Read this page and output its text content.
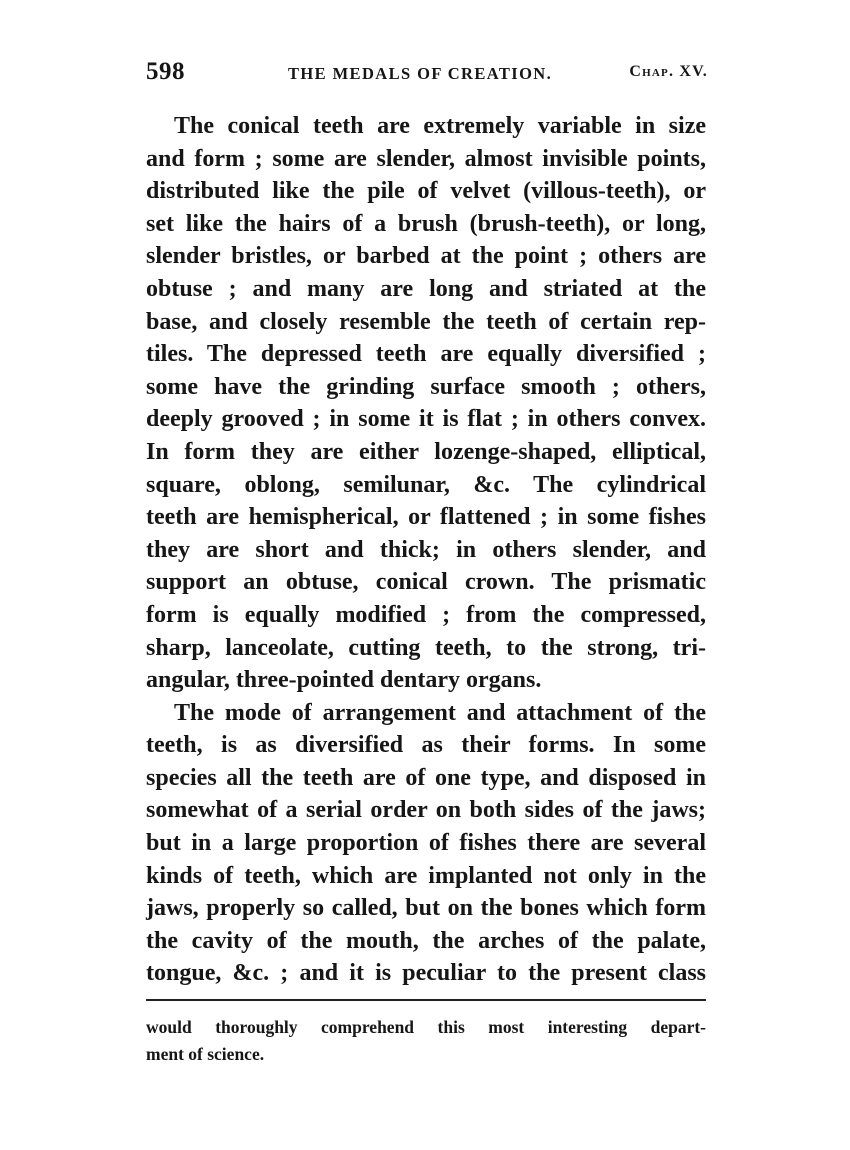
598	THE MEDALS OF CREATION.	Chap. XV.

The conical teeth are extremely variable in size
and form ; some are slender, almost invisible points,
distributed like the pile of velvet (villous-teeth), or
set like the hairs of a brush (brush-teeth), or long,
slender bristles, or barbed at the point ; others are
obtuse ; and many are long and striated at the
base, and closely resemble the teeth of certain rep-
tiles. The depressed teeth are equally diversified ;
some have the grinding surface smooth ; others,
deeply grooved ; in some it is flat ; in others convex.
In form they are either lozenge-shaped, elliptical,
square, oblong, semilunar, &c. The cylindrical
teeth are hemispherical, or flattened ; in some fishes
they are short and thick; in others slender, and
support an obtuse, conical crown. The prismatic
form is equally modified ; from the compressed,
sharp, lanceolate, cutting teeth, to the strong, tri-
angular, three-pointed dentary organs.

The mode of arrangement and attachment of the
teeth, is as diversified as their forms. In some
species all the teeth are of one type, and disposed in
somewhat of a serial order on both sides of the jaws;
but in a large proportion of fishes there are several
kinds of teeth, which are implanted not only in the
jaws, properly so called, but on the bones which form
the cavity of the mouth, the arches of the palate,
tongue, &c. ; and it is peculiar to the present class

would thoroughly comprehend this most interesting depart-
ment of science.
